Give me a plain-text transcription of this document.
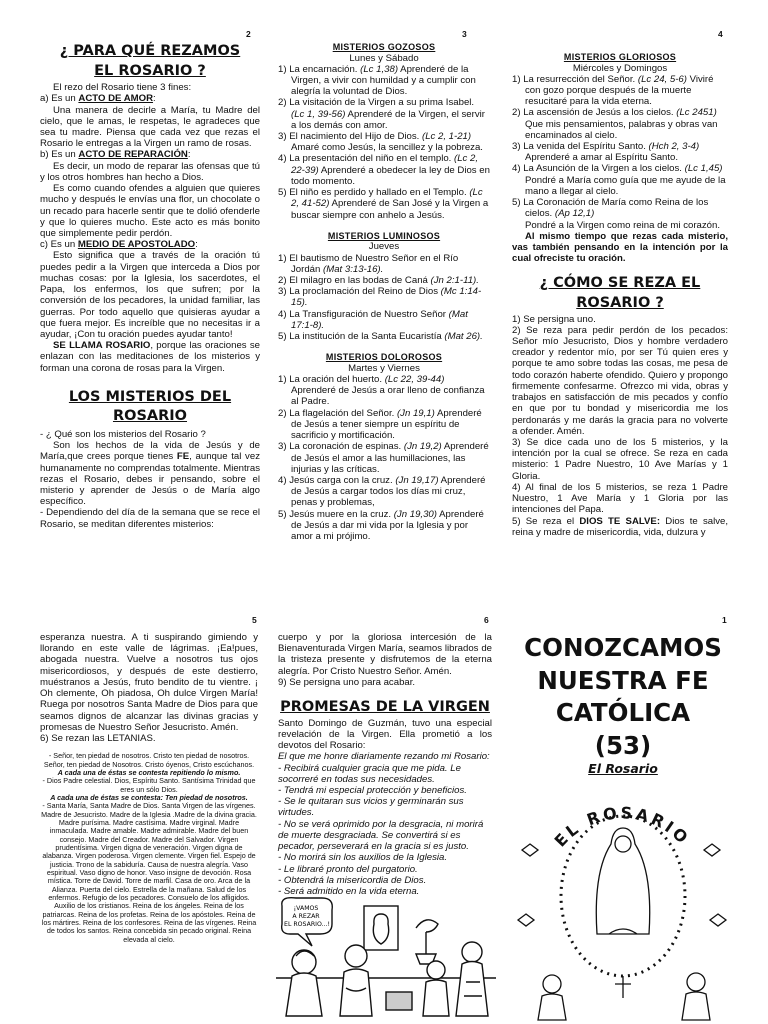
2	3	4
5	6	1
¿ PARA QUÉ REZAMOS EL ROSARIO ?

El rezo del Rosario tiene 3 fines:

a) Es un ACTO DE AMOR:

Una manera de decirle a María, tu Madre del cielo, que le amas, le respetas, le agradeces que sea tu madre. Piensa que cada vez que rezas el Rosario le entregas a la Virgen un ramo de rosas.

b) Es un ACTO DE REPARACIÓN:

Es decir, un modo de reparar las ofensas que tú y los otros hombres han hecho a Dios.

Es como cuando ofendes a alguien que quieres mucho y después le envías una flor, un chocolate o un recado para hacerle sentir que te dolió ofenderle y que lo quieres mucho. Este acto es más bonito que simplemente pedir perdón.

c) Es un MEDIO DE APOSTOLADO:

Esto significa que a través de la oración tú puedes pedir a la Virgen que interceda a Dios por muchas cosas: por la Iglesia, los sacerdotes, el Papa, los enfermos, los que sufren; por la conversión de los pecadores, la unidad familiar, las guerras. Por todo aquello que quisieras ayudar a que fuera mejor. Es increíble que no necesitas ir a ayudar, ¡Con tu oración puedes ayudar tanto!

SE LLAMA ROSARIO, porque las oraciones se enlazan con las meditaciones de los misterios y forman una corona de rosas para la Virgen.

LOS MISTERIOS DEL ROSARIO

- ¿ Qué son los misterios del Rosario ?

Son los hechos de la vida de Jesús y de María,que crees porque tienes FE, aunque tal vez humanamente no comprendas totalmente. Mientras rezas el Rosario, debes ir pensando, sobre el misterio y aprender de Jesús o de María algo específico.

- Dependiendo del día de la semana que se rece el Rosario, se meditan diferentes misterios:

MISTERIOS GOZOSOS
Lunes y Sábado

1) La encarnación. (Lc 1,38) Aprenderé de la Virgen, a vivir con humildad y a cumplir con alegría la voluntad de Dios.

2) La visitación de la Virgen a su prima Isabel. (Lc 1, 39-56) Aprenderé de la Virgen, el servir a los demás con amor.

3) El nacimiento del Hijo de Dios. (Lc 2, 1-21) Amaré como Jesús, la sencillez y la pobreza.

4) La presentación del niño en el templo. (Lc 2, 22-39) Aprenderé a obedecer la ley de Dios en todo momento.

5) El niño es perdido y hallado en el Templo. (Lc 2, 41-52) Aprenderé de San José y la Virgen a buscar siempre con anhelo a Jesús.

MISTERIOS LUMINOSOS
Jueves

1) El bautismo de Nuestro Señor en el Río Jordán (Mat 3:13-16).

2) El milagro en las bodas de Caná (Jn 2:1-11).

3) La proclamación del Reino de Dios (Mc 1:14-15).

4) La Transfiguración de Nuestro Señor (Mat 17:1-8).

5) La institución de la Santa Eucaristía (Mat 26).

MISTERIOS DOLOROSOS
Martes y Viernes

1) La oración del huerto. (Lc 22, 39-44) Aprenderé de Jesús a orar lleno de confianza al Padre.

2) La flagelación del Señor. (Jn 19,1) Aprenderé de Jesús a tener siempre un espíritu de sacrificio y mortificación.

3) La coronación de espinas. (Jn 19,2) Aprenderé de Jesús el amor a las humillaciones, las injurias y las críticas.

4) Jesús carga con la cruz. (Jn 19,17) Aprenderé de Jesús a cargar todos los días mi cruz, penas y problemas,

5) Jesús muere en la cruz. (Jn 19,30) Aprenderé de Jesús a dar mi vida por la Iglesia y por amor a mi prójimo.

MISTERIOS GLORIOSOS
Miércoles y Domingos

1) La resurrección del Señor. (Lc 24, 5-6) Viviré con gozo porque después de la muerte resucitaré para la vida eterna.

2) La ascensión de Jesús a los cielos. (Lc 2451) Que mis pensamientos, palabras y obras van encaminados al cielo.

3) La venida del Espíritu Santo. (Hch 2, 3-4) Aprenderé a amar al Espíritu Santo.

4) La Asunción de la Virgen a los cielos. (Lc 1,45) Pondré a María como guía que me ayude de la mano a llegar al cielo.

5) La Coronación de María como Reina de los cielos. (Ap 12,1)

Pondré a la Virgen como reina de mi corazón.

Al mismo tiempo que rezas cada misterio, vas también pensando en la intención por la cual ofreciste tu oración.

¿ CÓMO SE REZA EL ROSARIO ?

1) Se persigna uno.

2) Se reza para pedir perdón de los pecados: Señor mío Jesucristo, Dios y hombre verdadero creador y redentor mío, por ser Tú quien eres y porque te amo sobre todas las cosas, me pesa de todo corazón haberte ofendido. Quiero y propongo firmemente confesarme. Ofrezco mi vida, obras y trabajos en satisfacción de mis pecados y confío en que por tu bondad y misericordia me los perdonarás y me darás la gracia para no volverte a ofender. Amén.

3) Se dice cada uno de los 5 misterios, y la intención por la cual se ofrece. Se reza en cada misterio: 1 Padre Nuestro, 10 Ave Marías y 1 Gloria.

4) Al final de los 5 misterios, se reza 1 Padre Nuestro, 1 Ave María y 1 Gloria por las intenciones del Papa.

5) Se reza el DIOS TE SALVE: Dios te salve, reina y madre de misericordia, vida, dulzura y

esperanza nuestra. A ti suspirando gimiendo y llorando en este valle de lágrimas. ¡Ea!pues, abogada nuestra. Vuelve a nosotros tus ojos misericordiosos, y después de este destierro, muéstranos a Jesús, fruto bendito de tu vientre. ¡ Oh clemente, Oh piadosa, Oh dulce Virgen María! Ruega por nosotros Santa Madre de Dios para que seamos dignos de alcanzar las divinas gracias y promesas de Nuestro Señor Jesucristo. Amén.

6) Se rezan las LETANIAS.

- Señor, ten piedad de nosotros. Cristo ten piedad de nosotros. Señor, ten piedad de Nosotros. Cristo óyenos, Cristo escúchanos.

A cada una de éstas se contesta repitiendo lo mismo.

- Dios Padre celestial. Dios, Espíritu Santo. Santísima Trinidad que eres un sólo Dios.

A cada una de éstas se contesta: Ten piedad de nosotros.

- Santa María, Santa Madre de Dios. Santa Virgen de las vírgenes. Madre de Jesucristo. Madre de la Iglesia .Madre de la divina gracia. Madre purísima. Madre castísima. Madre virginal. Madre inmaculada. Madre amable. Madre admirable. Madre del buen consejo. Madre del Creador. Madre del Salvador. Virgen prudentísima. Virgen digna de veneración. Virgen digna de alabanza. Virgen poderosa. Virgen clemente. Virgen fiel. Espejo de justicia. Trono de la sabiduría. Causa de nuestra alegría. Vaso espiritual. Vaso digno de honor. Vaso insigne de devoción. Rosa mística. Torre de David. Torre de marfil. Casa de oro. Arca de la Alianza. Puerta del cielo. Estrella de la mañana. Salud de los enfermos. Refugio de los pecadores. Consuelo de los afligidos. Auxilio de los cristianos. Reina de los ángeles. Reina de los patriarcas. Reina de los profetas. Reina de los apóstoles. Reina de los mártires. Reina de los confesores. Reina de las vírgenes. Reina de todos los santos. Reina concebida sin pecado original. Reina elevada al cielo.

cuerpo y por la gloriosa intercesión de la Bienaventurada Virgen María, seamos librados de la tristeza presente y disfrutemos de la eterna alegría. Por Cristo Nuestro Señor. Amén.

9) Se persigna uno para acabar.

PROMESAS DE LA VIRGEN

Santo Domingo de Guzmán, tuvo una especial revelación de la Virgen. Ella prometió a los devotos del Rosario:

El que me honre diariamente rezando mi Rosario:

- Recibirá cualquier gracia que me pida. Le socorreré en todas sus necesidades.

- Tendrá mi especial protección y beneficios.

- Se le quitaran sus vicios y germinarán sus virtudes.

- No se verá oprimido por la desgracia, ni morirá de muerte desgraciada. Se convertirá si es pecador, perseverará en la gracia si es justo.

- No morirá sin los auxilios de la Iglesia.

- Le libraré pronto del purgatorio.

- Obtendrá la misericordia de Dios.

- Será admitido en la vida eterna.

¡VAMOS A REZAR EL ROSARIO...!
CONOZCAMOS
NUESTRA FE
CATÓLICA
(53)
El Rosario
EL ROSARIO
